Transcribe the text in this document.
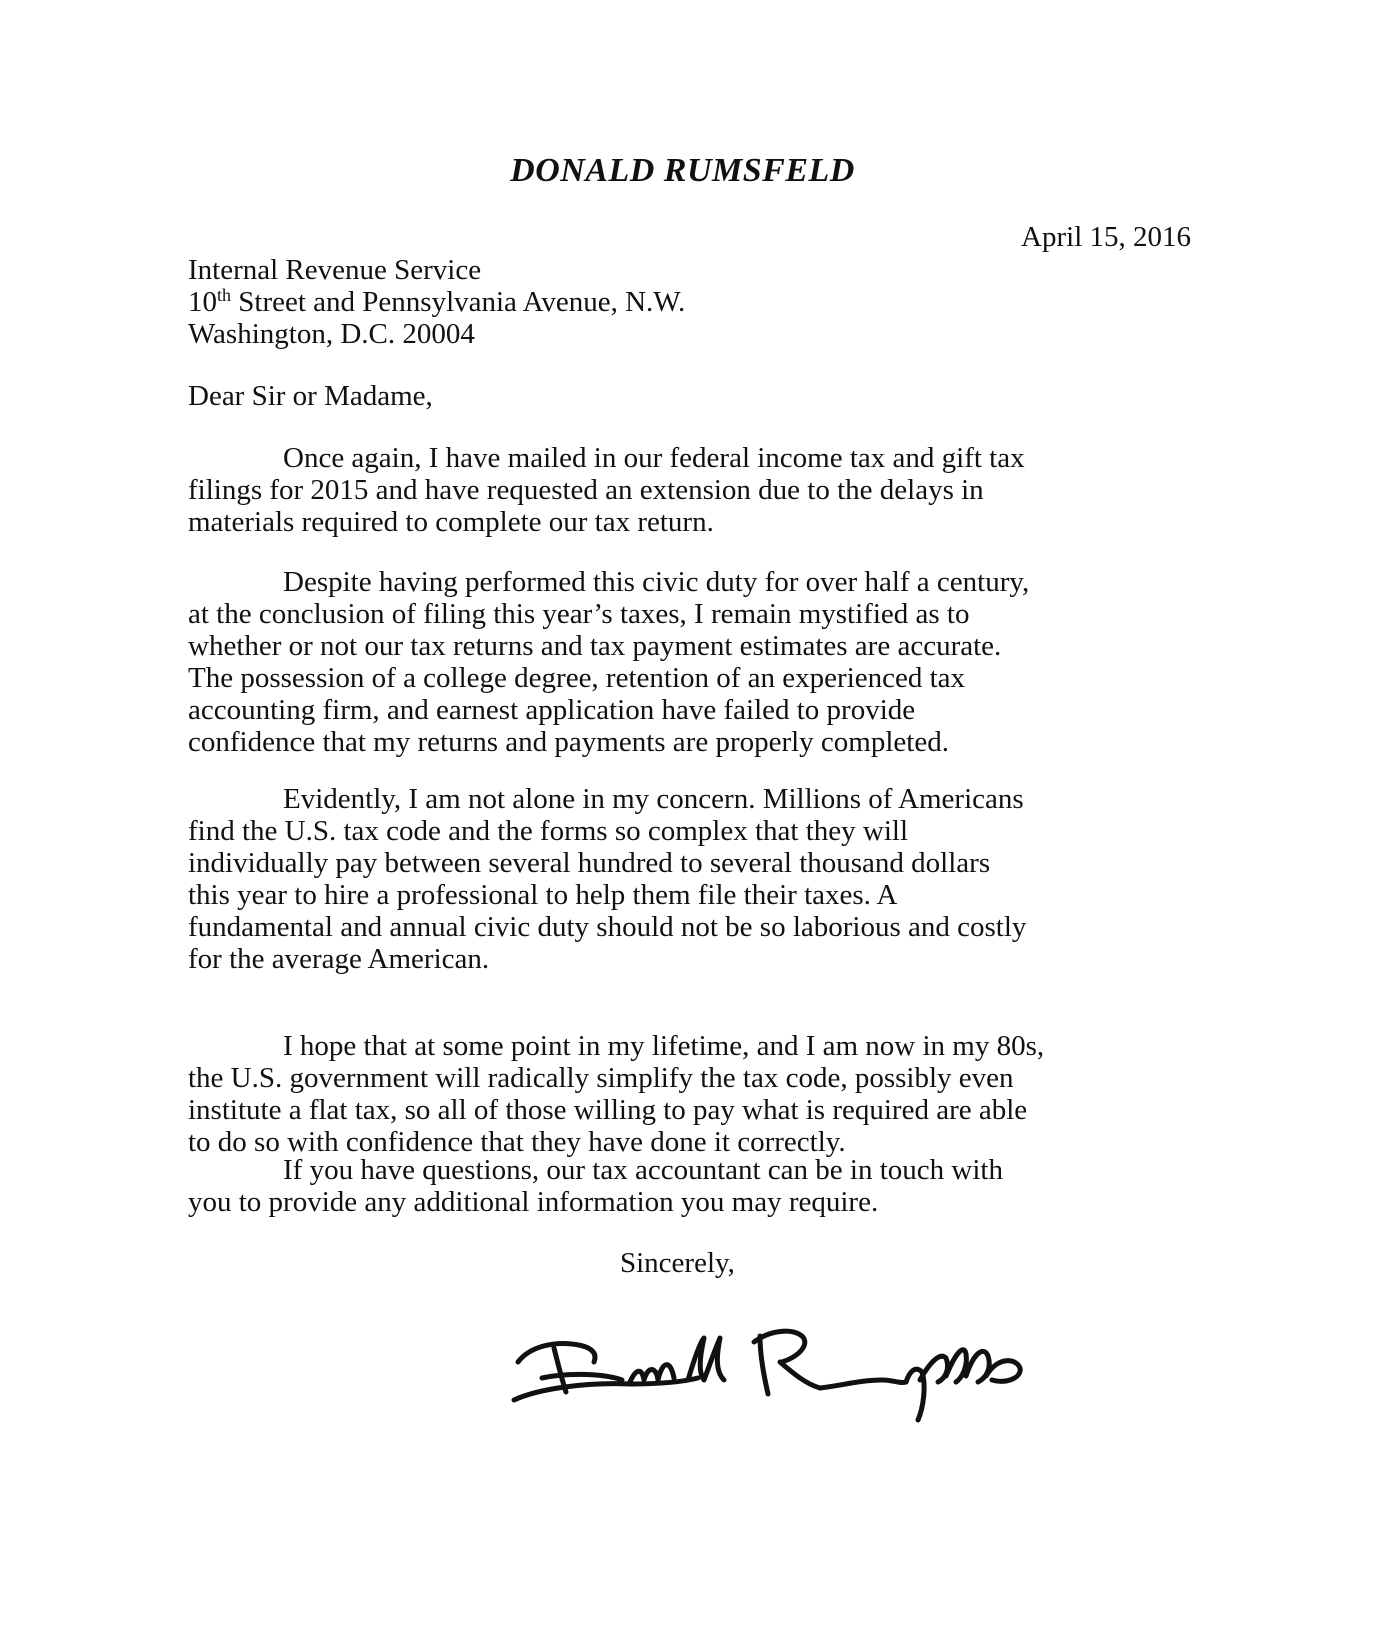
DONALD RUMSFELD
April 15, 2016
Internal Revenue Service
10th Street and Pennsylvania Avenue, N.W.
Washington, D.C. 20004
Dear Sir or Madame,
Once again, I have mailed in our federal income tax and gift tax
filings for 2015 and have requested an extension due to the delays in
materials required to complete our tax return.
Despite having performed this civic duty for over half a century,
at the conclusion of filing this year’s taxes, I remain mystified as to
whether or not our tax returns and tax payment estimates are accurate.
The possession of a college degree, retention of an experienced tax
accounting firm, and earnest application have failed to provide
confidence that my returns and payments are properly completed.
Evidently, I am not alone in my concern. Millions of Americans
find the U.S. tax code and the forms so complex that they will
individually pay between several hundred to several thousand dollars
this year to hire a professional to help them file their taxes. A
fundamental and annual civic duty should not be so laborious and costly
for the average American.
I hope that at some point in my lifetime, and I am now in my 80s,
the U.S. government will radically simplify the tax code, possibly even
institute a flat tax, so all of those willing to pay what is required are able
to do so with confidence that they have done it correctly.
If you have questions, our tax accountant can be in touch with
you to provide any additional information you may require.
Sincerely,
